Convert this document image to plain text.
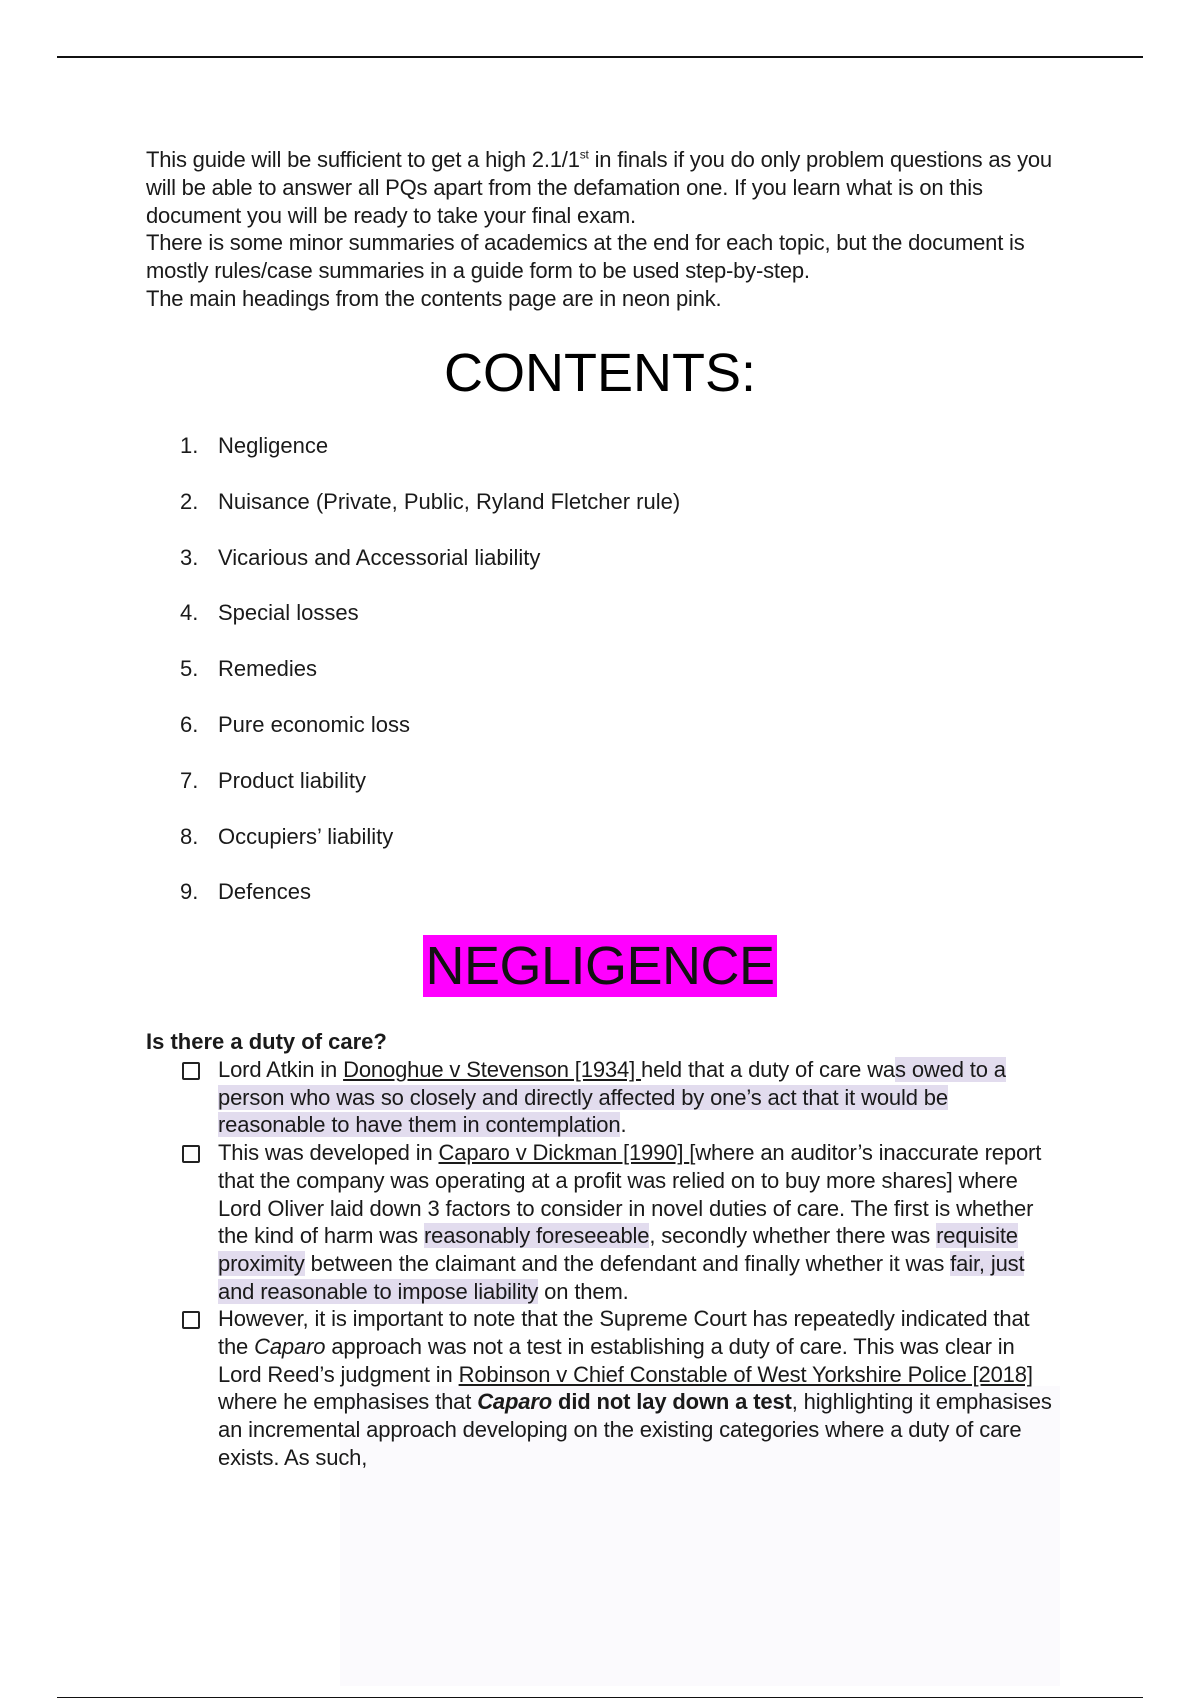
This guide will be sufficient to get a high 2.1/1st in finals if you do only problem questions as you will be able to answer all PQs apart from the defamation one. If you learn what is on this document you will be ready to take your final exam.

There is some minor summaries of academics at the end for each topic, but the document is mostly rules/case summaries in a guide form to be used step-by-step.

The main headings from the contents page are in neon pink.

CONTENTS:
1. Negligence
2. Nuisance (Private, Public, Ryland Fletcher rule)
3. Vicarious and Accessorial liability
4. Special losses
5. Remedies
6. Pure economic loss
7. Product liability
8. Occupiers’ liability
9. Defences
NEGLIGENCE
Is there a duty of care?
Lord Atkin in Donoghue v Stevenson [1934] held that a duty of care was owed to a person who was so closely and directly affected by one’s act that it would be reasonable to have them in contemplation.
This was developed in Caparo v Dickman [1990] [where an auditor’s inaccurate report that the company was operating at a profit was relied on to buy more shares] where Lord Oliver laid down 3 factors to consider in novel duties of care. The first is whether the kind of harm was reasonably foreseeable, secondly whether there was requisite proximity between the claimant and the defendant and finally whether it was fair, just and reasonable to impose liability on them.
However, it is important to note that the Supreme Court has repeatedly indicated that the Caparo approach was not a test in establishing a duty of care. This was clear in Lord Reed’s judgment in Robinson v Chief Constable of West Yorkshire Police [2018] where he emphasises that Caparo did not lay down a test, highlighting it emphasises an incremental approach developing on the existing categories where a duty of care exists. As such,
